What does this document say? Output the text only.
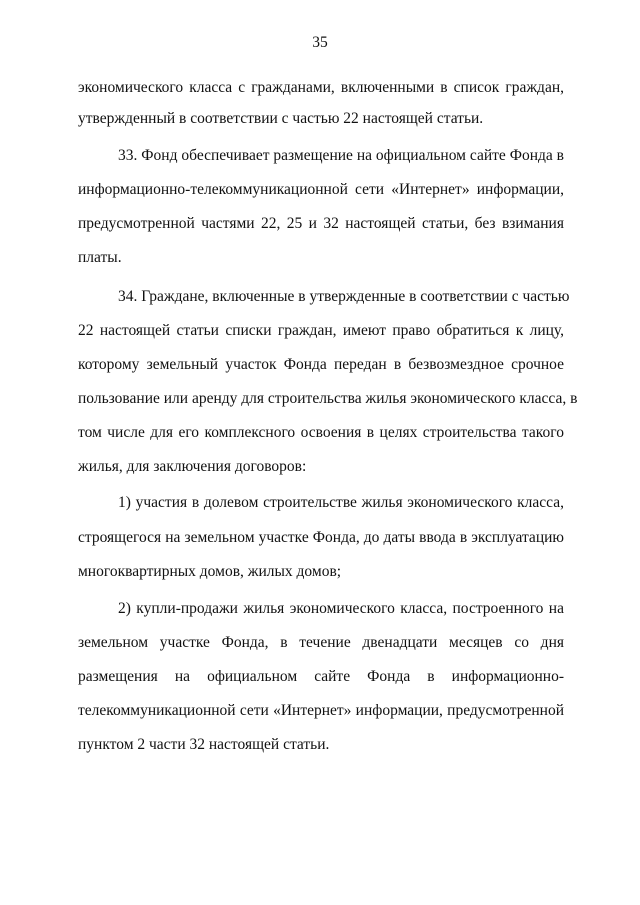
35
экономического класса с гражданами, включенными в список граждан,
утвержденный в соответствии с частью 22 настоящей статьи.
33. Фонд обеспечивает размещение на официальном сайте Фонда в
информационно-телекоммуникационной сети «Интернет» информации,
предусмотренной частями 22, 25 и 32 настоящей статьи, без взимания
платы.
34. Граждане, включенные в утвержденные в соответствии с частью
22 настоящей статьи списки граждан, имеют право обратиться к лицу,
которому земельный участок Фонда передан в безвозмездное срочное
пользование или аренду для строительства жилья экономического класса, в
том числе для его комплексного освоения в целях строительства такого
жилья, для заключения договоров:
1) участия в долевом строительстве жилья экономического класса,
строящегося на земельном участке Фонда, до даты ввода в эксплуатацию
многоквартирных домов, жилых домов;
2) купли-продажи жилья экономического класса, построенного на
земельном участке Фонда, в течение двенадцати месяцев со дня
размещения на официальном сайте Фонда в информационно-
телекоммуникационной сети «Интернет» информации, предусмотренной
пунктом 2 части 32 настоящей статьи.
